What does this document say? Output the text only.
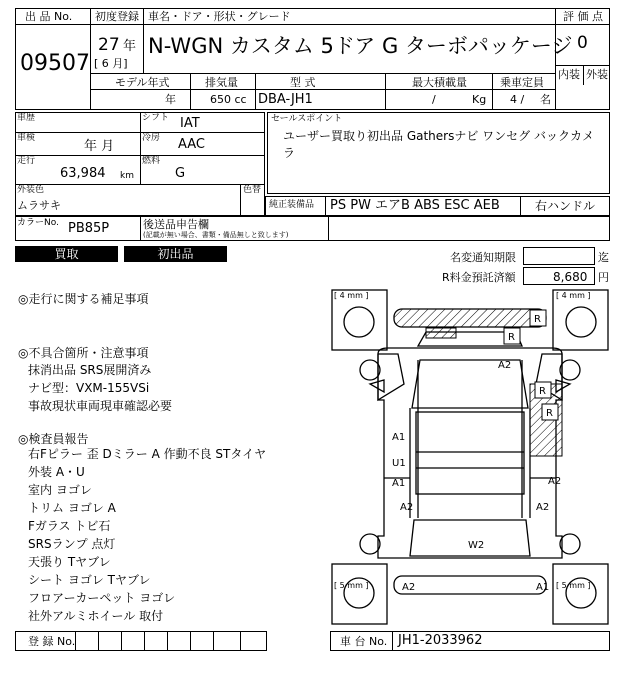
出 品 No.
09507
初度登録
27 年
[ 6 月]
車名・ドア・形状・グレード
N-WGN カスタム 5ドア G ターボパッケージ
評 価 点
0
内装 外装
モデル年式
年
排気量
650 cc
型 式
DBA-JH1
最大積載量
/	Kg
乗車定員
4 / 名
車歴	シフト IAT
車検
年 月
冷房 AAC
走行
63,984 km
燃料
G
外装色
ムラサキ
色替
セールスポイント
ユーザー買取り初出品 Gathersナビ ワンセグ バックカメ
ラ
純正装備品 PS PW エアB ABS ESC AEB	右ハンドル
カラーNo. PB85P	後送品申告欄
(記載が無い場合、書類・備品無しと致します)
買取	初出品	名変通知期限	迄
R料金預託済額	8,680 円
◎走行に関する補足事項
◎不具合箇所・注意事項
抹消出品 SRS展開済み
ナビ型：VXM-155VSi
事故現状車両現車確認必要
◎検査員報告
右Fピラー 歪 Dミラー A 作動不良 STタイヤ
外装 A・U
室内 ヨゴレ
トリム ヨゴレ A
Fガラス トビ石
SRSランプ 点灯
天張り Tヤブレ
シート ヨゴレ Tヤブレ
フロアーカーペット ヨゴレ
社外アルミホイール 取付
[ 4 mm ]	[ 4 mm ]
[ 5 mm ]	[ 5 mm ]
R
R
A2
R
R
A1
U1
A1	A2
A2	A2
W2
A2	A1
登 録 No.	車 台 No. JH1-2033962
